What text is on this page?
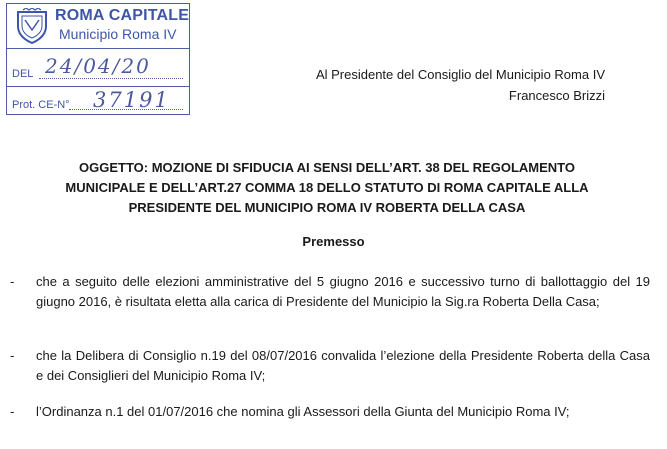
ROMA CAPITALE
Municipio Roma IV
DEL 24/04/20
Prot. CE-N° 37191
Al Presidente del Consiglio del Municipio Roma IV
Francesco Brizzi
OGGETTO: MOZIONE DI SFIDUCIA AI SENSI DELL’ART. 38 DEL REGOLAMENTO
MUNICIPALE E DELL’ART.27 COMMA 18 DELLO STATUTO DI ROMA CAPITALE ALLA
PRESIDENTE DEL MUNICIPIO ROMA IV ROBERTA DELLA CASA
Premesso
- che a seguito delle elezioni amministrative del 5 giugno 2016 e successivo turno di ballottaggio del 19 giugno 2016, è risultata eletta alla carica di Presidente del Municipio la Sig.ra Roberta Della Casa;
- che la Delibera di Consiglio n.19 del 08/07/2016 convalida l’elezione della Presidente Roberta della Casa e dei Consiglieri del Municipio Roma IV;
- l’Ordinanza n.1 del 01/07/2016 che nomina gli Assessori della Giunta del Municipio Roma IV;
